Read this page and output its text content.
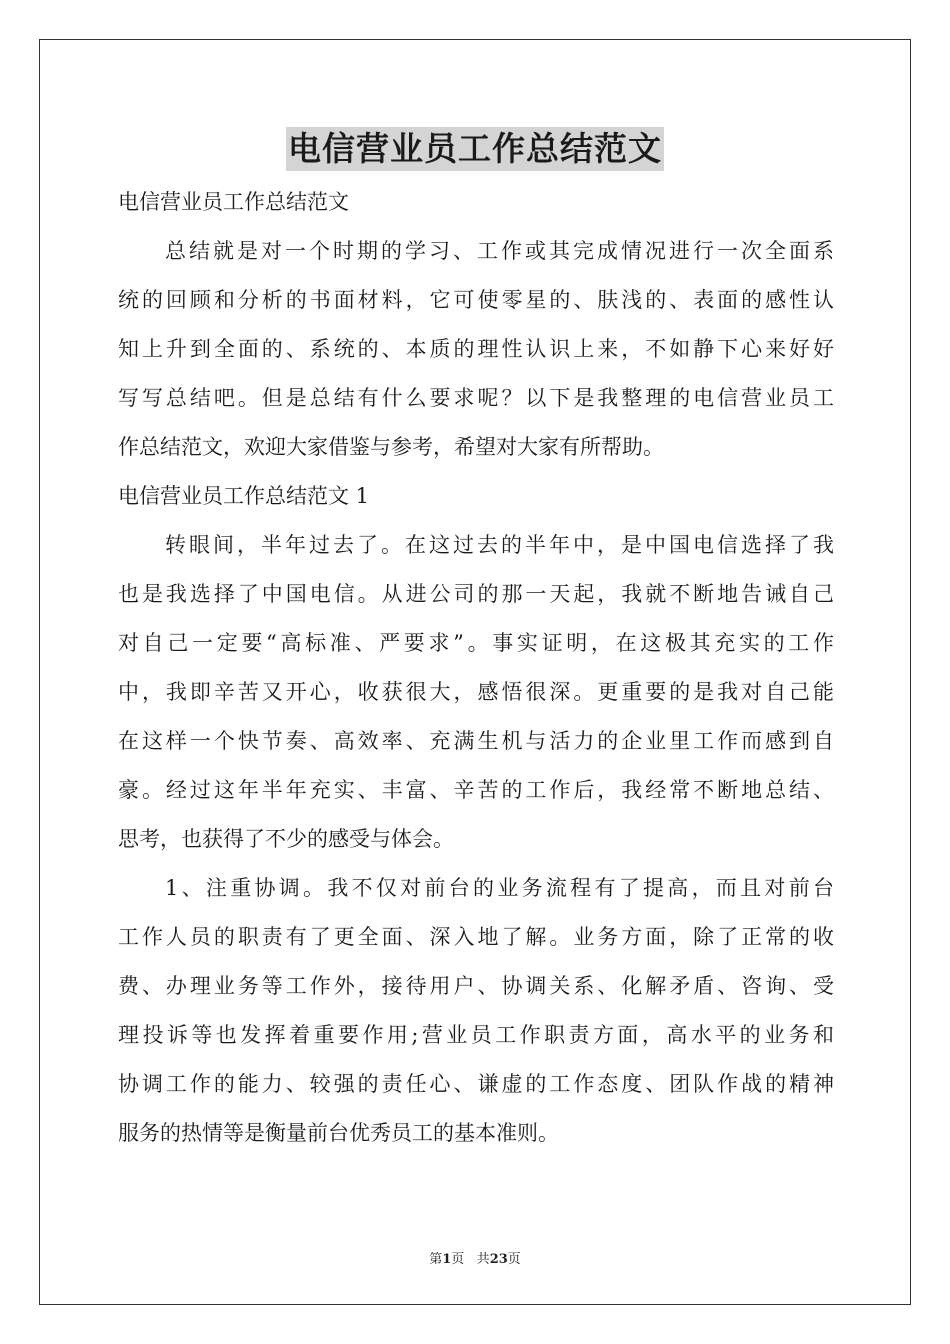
电信营业员工作总结范文

电信营业员工作总结范文

总结就是对一个时期的学习、工作或其完成情况进行一次全面系

统的回顾和分析的书面材料，它可使零星的、肤浅的、表面的感性认

知上升到全面的、系统的、本质的理性认识上来，不如静下心来好好

写写总结吧。但是总结有什么要求呢？以下是我整理的电信营业员工

作总结范文，欢迎大家借鉴与参考，希望对大家有所帮助。

电信营业员工作总结范文 1

转眼间，半年过去了。在这过去的半年中，是中国电信选择了我

也是我选择了中国电信。从进公司的那一天起，我就不断地告诫自己

对自己一定要“高标准、严要求”。事实证明，在这极其充实的工作

中，我即辛苦又开心，收获很大，感悟很深。更重要的是我对自己能

在这样一个快节奏、高效率、充满生机与活力的企业里工作而感到自

豪。经过这年半年充实、丰富、辛苦的工作后，我经常不断地总结、

思考，也获得了不少的感受与体会。

1、注重协调。我不仅对前台的业务流程有了提高，而且对前台

工作人员的职责有了更全面、深入地了解。业务方面，除了正常的收

费、办理业务等工作外，接待用户、协调关系、化解矛盾、咨询、受

理投诉等也发挥着重要作用;营业员工作职责方面，高水平的业务和

协调工作的能力、较强的责任心、谦虚的工作态度、团队作战的精神

服务的热情等是衡量前台优秀员工的基本准则。

第1页 共23页
